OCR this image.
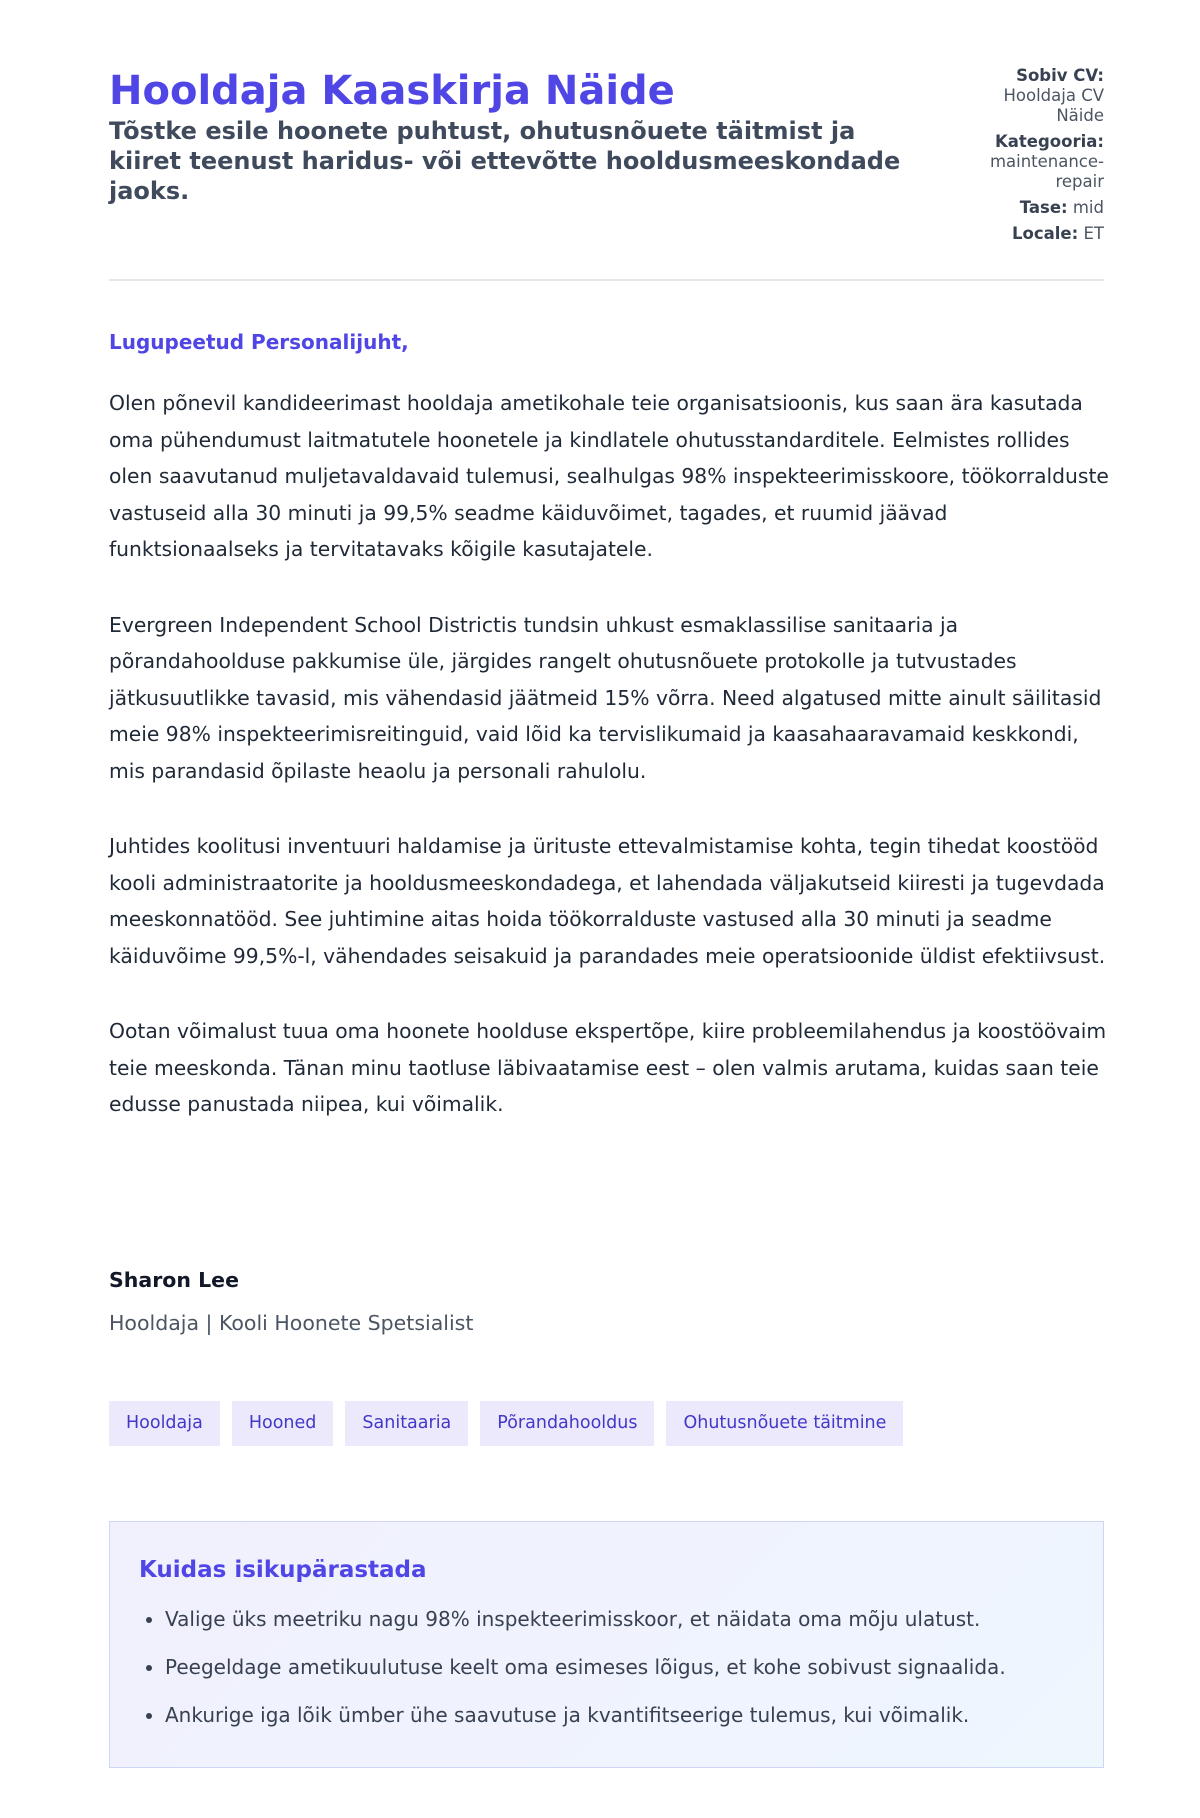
Hooldaja Kaaskirja Näide

Tõstke esile hoonete puhtust, ohutusnõuete täitmist ja kiiret teenust haridus- või ettevõtte hooldusmeeskondade jaoks.

Sobiv CV: Hooldaja CV Näide
Kategooria: maintenance-repair
Tase: mid
Locale: ET
Lugupeetud Personalijuht,

Olen põnevil kandideerimast hooldaja ametikohale teie organisatsioonis, kus saan ära kasutada oma pühendumust laitmatutele hoonetele ja kindlatele ohutusstandarditele. Eelmistes rollides olen saavutanud muljetavaldavaid tulemusi, sealhulgas 98% inspekteerimisskoore, töökorralduste vastuseid alla 30 minuti ja 99,5% seadme käiduvõimet, tagades, et ruumid jäävad funktsionaalseks ja tervitatavaks kõigile kasutajatele.

Evergreen Independent School Districtis tundsin uhkust esmaklassilise sanitaaria ja põrandahoolduse pakkumise üle, järgides rangelt ohutusnõuete protokolle ja tutvustades jätkusuutlikke tavasid, mis vähendasid jäätmeid 15% võrra. Need algatused mitte ainult säilitasid meie 98% inspekteerimisreitinguid, vaid lõid ka tervislikumaid ja kaasahaaravamaid keskkondi, mis parandasid õpilaste heaolu ja personali rahulolu.

Juhtides koolitusi inventuuri haldamise ja ürituste ettevalmistamise kohta, tegin tihedat koostööd kooli administraatorite ja hooldusmeeskondadega, et lahendada väljakutseid kiiresti ja tugevdada meeskonnatööd. See juhtimine aitas hoida töökorralduste vastused alla 30 minuti ja seadme käiduvõime 99,5%-l, vähendades seisakuid ja parandades meie operatsioonide üldist efektiivsust.

Ootan võimalust tuua oma hoonete hoolduse ekspertõpe, kiire probleemilahendus ja koostöövaim teie meeskonda. Tänan minu taotluse läbivaatamise eest – olen valmis arutama, kuidas saan teie edusse panustada niipea, kui võimalik.

Sharon Lee
Hooldaja | Kooli Hoonete Spetsialist
Hooldaja	Hooned	Sanitaaria	Põrandahooldus	Ohutusnõuete täitmine
Kuidas isikupärastada
• Valige üks meetriku nagu 98% inspekteerimisskoor, et näidata oma mõju ulatust.
• Peegeldage ametikuulutuse keelt oma esimeses lõigus, et kohe sobivust signaalida.
• Ankurige iga lõik ümber ühe saavutuse ja kvantifitseerige tulemus, kui võimalik.
